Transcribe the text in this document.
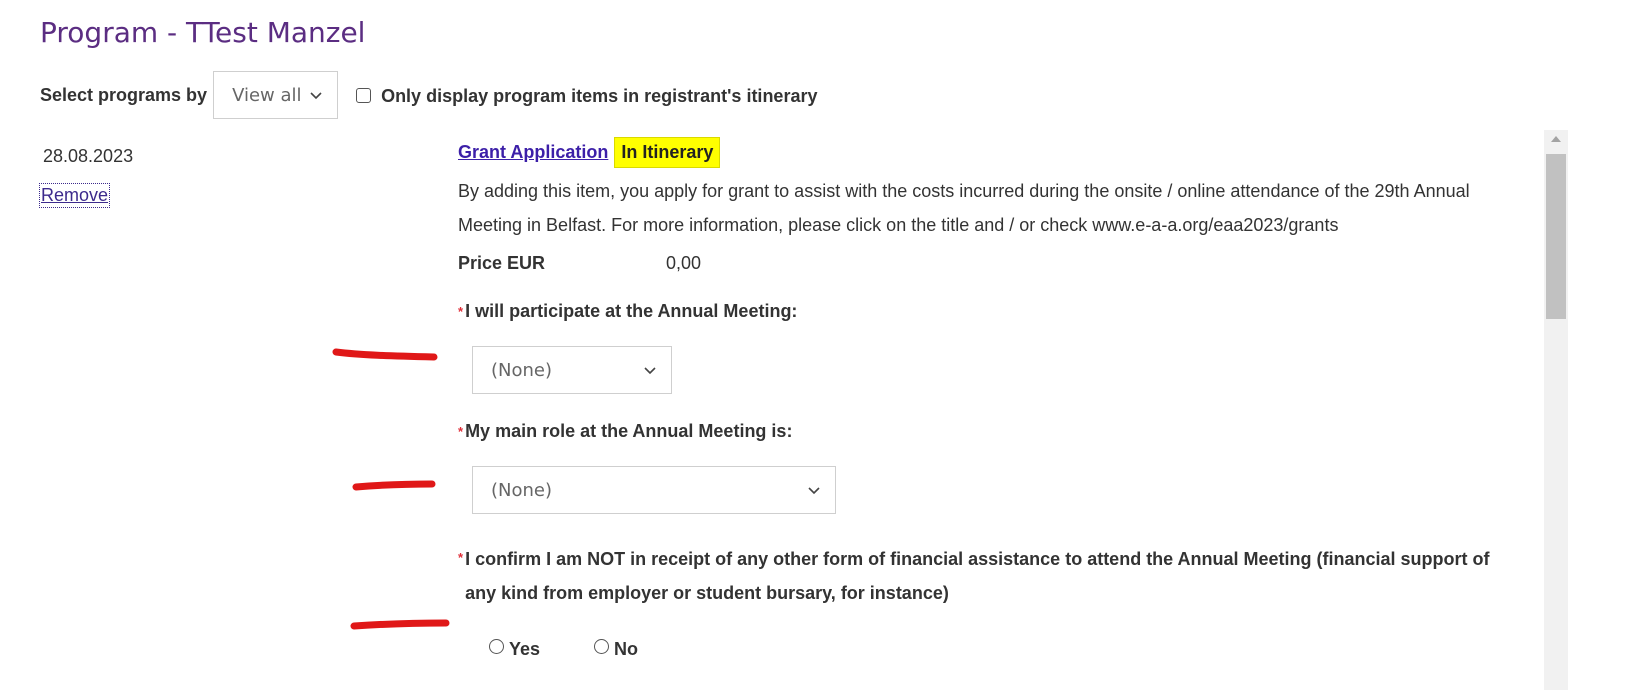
Program - TTest Manzel
Select programs by View all	Only display program items in registrant's itinerary
28.08.2023
Remove
Grant Application In Itinerary
By adding this item, you apply for grant to assist with the costs incurred during the onsite / online attendance of the 29th Annual Meeting in Belfast. For more information, please click on the title and / or check www.e-a-a.org/eaa2023/grants
Price EUR	0,00
* I will participate at the Annual Meeting:
(None)
* My main role at the Annual Meeting is:
(None)
* I confirm I am NOT in receipt of any other form of financial assistance to attend the Annual Meeting (financial support of any kind from employer or student bursary, for instance)
Yes	No
